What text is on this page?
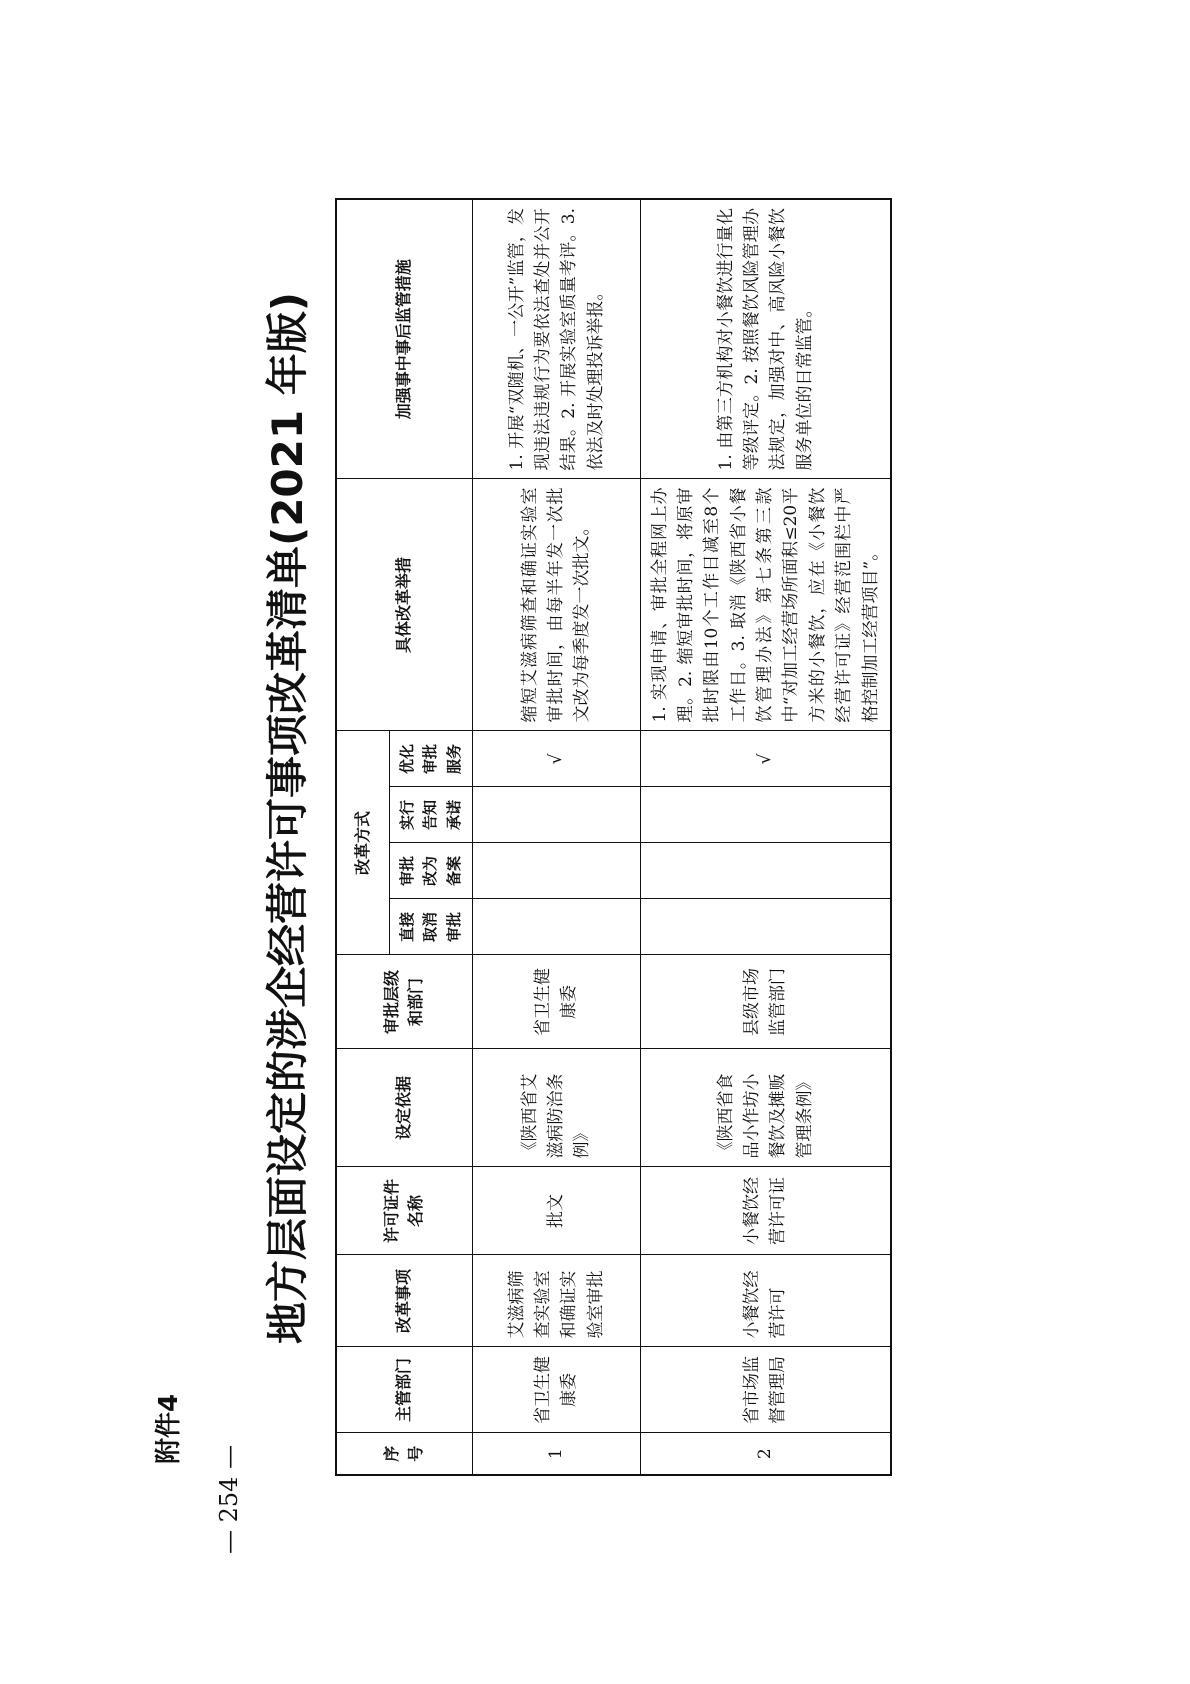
附件4
地方层面设定的涉企经营许可事项改革清单(2021 年版)
序号	主管部门	改革事项	许可证件名称	设定依据	审批层级和部门	改革方式				具体改革举措	加强事中事后监管措施
						直接取消审批	审批改为备案	实行告知承诺	优化审批服务		
1	省卫生健康委	艾滋病筛查实验室和确证实验室审批	批文	《陕西省艾滋病防治条例》	省卫生健康委				√	缩短艾滋病筛查和确证实验室审批时间，由每半年发一次批文改为每季度发一次批文。	1. 开展“双随机、一公开”监管，发现违法违规行为要依法查处并公开结果。2. 开展实验室质量考评。3. 依法及时处理投诉举报。
2	省市场监督管理局	小餐饮经营许可	小餐饮经营许可证	《陕西省食品小作坊小餐饮及摊贩管理条例》	县级市场监管部门				√	1. 实现申请、审批全程网上办理。2. 缩短审批时间，将原审批时限由10个工作日减至8个工作日。3. 取消《陕西省小餐饮管理办法》第七条第三款中“对加工经营场所面积≤20平方米的小餐饮，应在《小餐饮经营许可证》经营范围栏中严格控制加工经营项目”。	1. 由第三方机构对小餐饮进行量化等级评定。2. 按照餐饮风险管理办法规定，加强对中、高风险小餐饮服务单位的日常监管。
— 254 —
